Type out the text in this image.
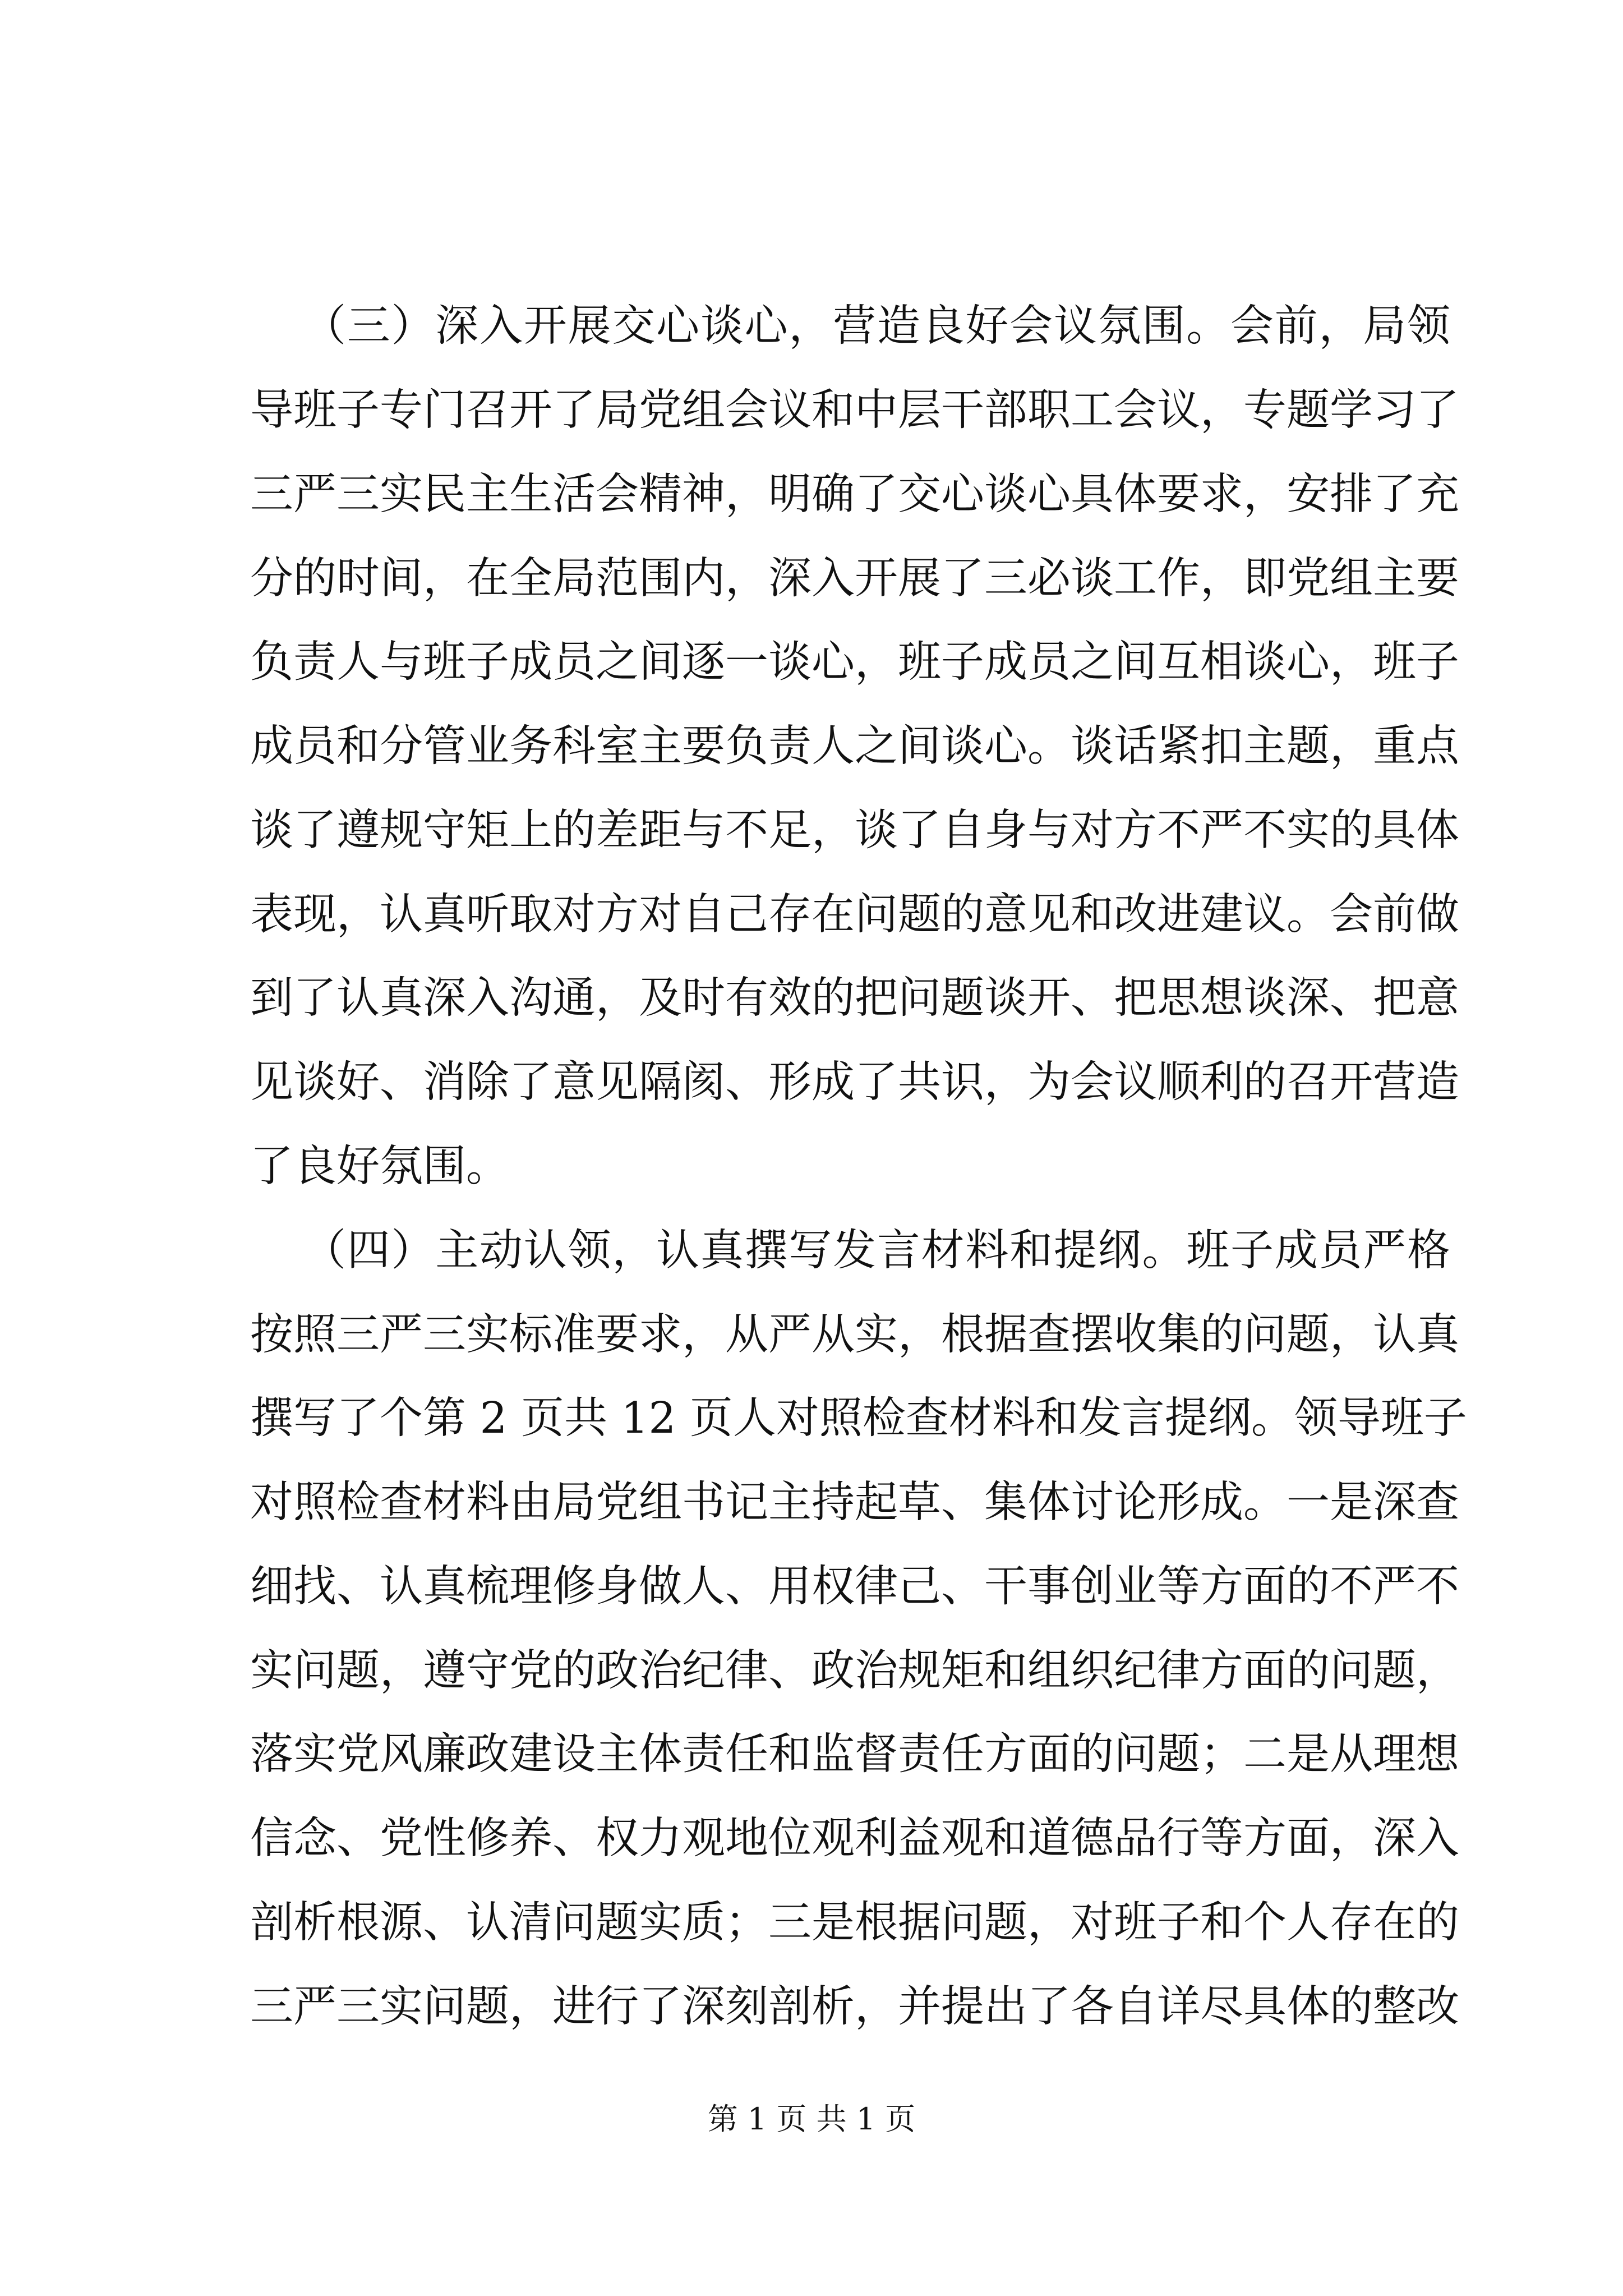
（三）深入开展交心谈心，营造良好会议氛围。会前，局领
导班子专门召开了局党组会议和中层干部职工会议，专题学习了
三严三实民主生活会精神，明确了交心谈心具体要求，安排了充
分的时间，在全局范围内，深入开展了三必谈工作，即党组主要
负责人与班子成员之间逐一谈心，班子成员之间互相谈心，班子
成员和分管业务科室主要负责人之间谈心。谈话紧扣主题，重点
谈了遵规守矩上的差距与不足，谈了自身与对方不严不实的具体
表现，认真听取对方对自己存在问题的意见和改进建议。会前做
到了认真深入沟通，及时有效的把问题谈开、把思想谈深、把意
见谈好、消除了意见隔阂、形成了共识，为会议顺利的召开营造
了良好氛围。
（四）主动认领，认真撰写发言材料和提纲。班子成员严格
按照三严三实标准要求，从严从实，根据查摆收集的问题，认真
撰写了个第 2 页共 12 页人对照检查材料和发言提纲。领导班子
对照检查材料由局党组书记主持起草、集体讨论形成。一是深查
细找、认真梳理修身做人、用权律己、干事创业等方面的不严不
实问题，遵守党的政治纪律、政治规矩和组织纪律方面的问题，
落实党风廉政建设主体责任和监督责任方面的问题；二是从理想
信念、党性修养、权力观地位观利益观和道德品行等方面，深入
剖析根源、认清问题实质；三是根据问题，对班子和个人存在的
三严三实问题，进行了深刻剖析，并提出了各自详尽具体的整改
第 1 页 共 1 页
